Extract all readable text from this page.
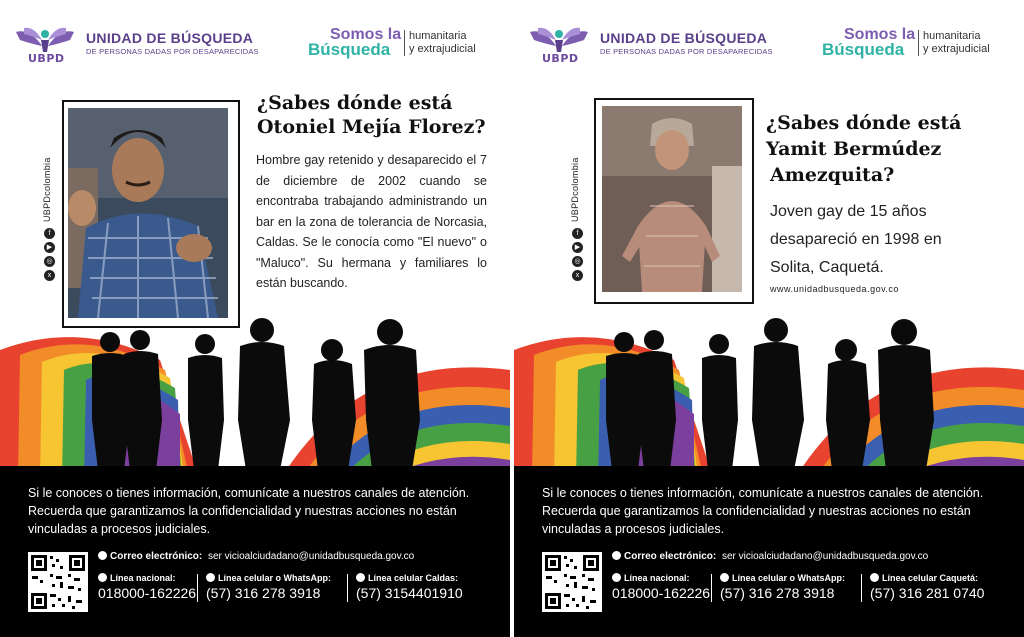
UBPD
UNIDAD DE BÚSQUEDA
DE PERSONAS DADAS POR DESAPARECIDAS
Somos la
Búsqueda
humanitaria
y extrajudicial
UBPDcolombia
f
▶
◎
x
¿Sabes dónde está
Otoniel Mejía Florez?
Hombre gay retenido y desaparecido el 7 de diciembre de 2002 cuando se encontraba trabajando administrando un bar en la zona de tolerancia de Norcasia, Caldas. Se le conocía como "El nuevo" o "Maluco". Su hermana y familiares lo están buscando.
Si le conoces o tienes información, comunícate a nuestros canales de atención. Recuerda que garantizamos la confidencialidad y nuestras acciones no están vinculadas a procesos judiciales.
Correo electrónico: ser vicioalciudadano@unidadbusqueda.gov.co
Línea nacional:
018000-162226
Línea celular o WhatsApp:
(57) 316 278 3918
Línea celular Caldas:
(57) 3154401910
UBPD
UNIDAD DE BÚSQUEDA
DE PERSONAS DADAS POR DESAPARECIDAS
Somos la
Búsqueda
humanitaria
y extrajudicial
UBPDcolombia
f
▶
◎
x
¿Sabes dónde está
Yamit Bermúdez
Amezquita?
Joven gay de 15 años desapareció en 1998 en Solita, Caquetá.
www.unidadbusqueda.gov.co
Si le conoces o tienes información, comunícate a nuestros canales de atención. Recuerda que garantizamos la confidencialidad y nuestras acciones no están vinculadas a procesos judiciales.
Correo electrónico: ser vicioalciudadano@unidadbusqueda.gov.co
Línea nacional:
018000-162226
Línea celular o WhatsApp:
(57) 316 278 3918
Línea celular Caquetá:
(57) 316 281 0740
